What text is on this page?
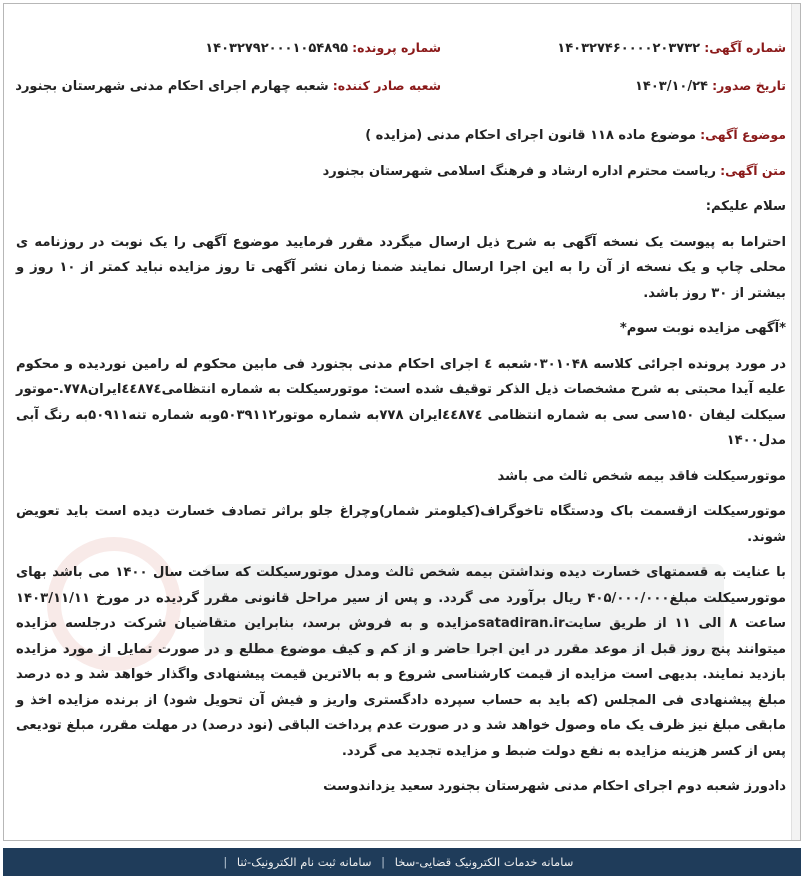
شماره آگهی: ۱۴۰۳۲۷۴۶۰۰۰۰۲۰۳۷۳۲
شماره پرونده: ۱۴۰۳۲۷۹۲۰۰۰۱۰۵۴۸۹۵
تاریخ صدور: ۱۴۰۳/۱۰/۲۴
شعبه صادر کننده: شعبه چهارم اجرای احکام مدنی شهرستان بجنورد
موضوع آگهی: موضوع ماده ۱۱۸ قانون اجرای احکام مدنی (مزایده )
متن آگهی: ریاست محترم اداره ارشاد و فرهنگ اسلامی شهرستان بجنورد

سلام علیکم:

احتراما به پیوست یک نسخه آگهی به شرح ذیل ارسال میگردد مقرر فرمایید موضوع آگهی را یک نوبت در روزنامه ی محلی چاپ و یک نسخه از آن را به این اجرا ارسال نمایند ضمنا زمان نشر آگهی تا روز مزایده نباید کمتر از ۱۰ روز و بیشتر از ۳۰ روز باشد.

*آگهی مزایده نوبت سوم*

در مورد پرونده اجرائی کلاسه ۰۳۰۱۰۴۸شعبه ٤ اجرای احکام مدنی بجنورد فی مابین محکوم له رامین نوردیده و محکوم علیه آیدا محبتی به شرح مشخصات ذیل الذکر توقیف شده است: موتورسیکلت به شماره انتظامی٤٤٨٧٤ایران۷۷۸.-موتور سیکلت لیفان ۱۵۰سی سی به شماره انتظامی ٤٤٨٧٤ایران ۷۷۸به شماره موتور۵۰۳۹۱۱۲وبه شماره تنه۵۰۹۱۱به رنگ آبی مدل۱۴۰۰

موتورسیکلت فاقد بیمه شخص ثالث می باشد

موتورسیکلت ازقسمت باک ودستگاه تاخوگراف(کیلومتر شمار)وچراغ جلو براثر تصادف خسارت دیده است باید تعویض شوند.

با عنایت به قسمتهای خسارت دیده ونداشتن بیمه شخص ثالث ومدل موتورسیکلت که ساخت سال ۱۴۰۰ می باشد بهای موتورسیکلت مبلغ۴۰۵/۰۰۰/۰۰۰ ریال برآورد می گردد. و پس از سیر مراحل قانونی مقرر گردیده در مورخ ۱۴۰۳/۱۱/۱۱ ساعت ۸ الی ۱۱ از طریق سایتsatadiran.irمزایده و به فروش برسد، بنابراین متقاضیان شرکت درجلسه مزایده میتوانند پنج روز قبل از موعد مقرر در این اجرا حاضر و از کم و کیف موضوع مطلع و در صورت تمایل از مورد مزایده بازدید نمایند. بدیهی است مزایده از قیمت کارشناسی شروع و به بالاترین قیمت پیشنهادی واگذار خواهد شد و ده درصد مبلغ پیشنهادی فی المجلس (که باید به حساب سپرده دادگستری واریز و فیش آن تحویل شود) از برنده مزایده اخذ و مابقی مبلغ نیز ظرف یک ماه وصول خواهد شد و در صورت عدم پرداخت الباقی (نود درصد) در مهلت مقرر، مبلغ تودیعی پس از کسر هزینه مزایده به نفع دولت ضبط و مزایده تجدید می گردد.

دادورز شعبه دوم اجرای احکام مدنی شهرستان بجنورد سعید یزداندوست

سامانه خدمات الکترونیک قضایی-سخا | سامانه ثبت نام الکترونیک-ثنا |
